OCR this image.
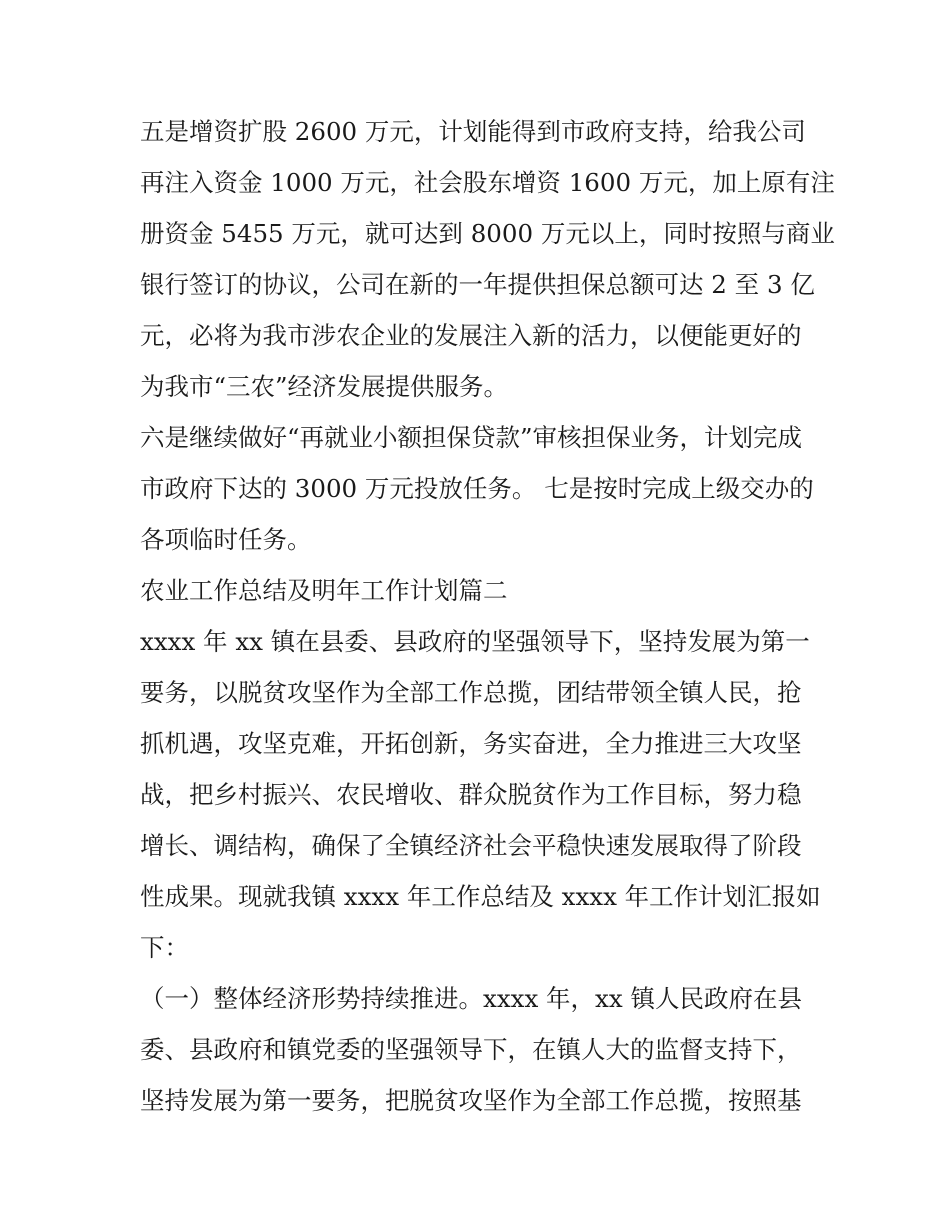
五是增资扩股 2600 万元，计划能得到市政府支持，给我公司
再注入资金 1000 万元，社会股东增资 1600 万元，加上原有注
册资金 5455 万元，就可达到 8000 万元以上，同时按照与商业
银行签订的协议，公司在新的一年提供担保总额可达 2 至 3 亿
元，必将为我市涉农企业的发展注入新的活力，以便能更好的
为我市“三农”经济发展提供服务。
六是继续做好“再就业小额担保贷款”审核担保业务，计划完成
市政府下达的 3000 万元投放任务。 七是按时完成上级交办的
各项临时任务。
农业工作总结及明年工作计划篇二
xxxx 年 xx 镇在县委、县政府的坚强领导下，坚持发展为第一
要务，以脱贫攻坚作为全部工作总揽，团结带领全镇人民，抢
抓机遇，攻坚克难，开拓创新，务实奋进，全力推进三大攻坚
战，把乡村振兴、农民增收、群众脱贫作为工作目标，努力稳
增长、调结构，确保了全镇经济社会平稳快速发展取得了阶段
性成果。现就我镇 xxxx 年工作总结及 xxxx 年工作计划汇报如
下：
（一）整体经济形势持续推进。xxxx 年，xx 镇人民政府在县
委、县政府和镇党委的坚强领导下，在镇人大的监督支持下，
坚持发展为第一要务，把脱贫攻坚作为全部工作总揽，按照基
